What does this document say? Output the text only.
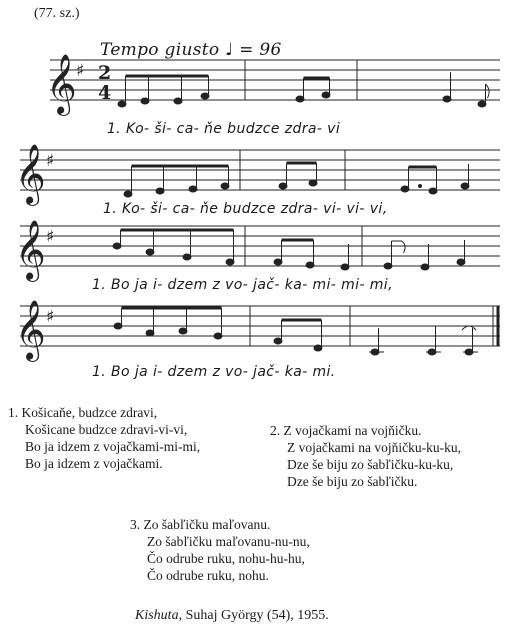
(77. sz.)
Tempo giusto ♩ = 96
𝄞 ♯ 2
4
1. Ko- ši- ca- ňe budzce zdra- vi
𝄞 ♯
1. Ko- ši- ca- ňe budzce zdra- vi- vi- vi,
𝄞 ♯
1. Bo ja i- dzem z vo- jač- ka- mi- mi- mi,
𝄞 ♯
1. Bo ja i- dzem z vo- jač- ka- mi.
1. Košicaňe, budzce zdravi,
Košicane budzce zdravi-vi-vi,
Bo ja idzem z vojačkami-mi-mi,
Bo ja idzem z vojačkami.
2. Z vojačkami na vojňičku.
Z vojačkami na vojňičku-ku-ku,
Dze še biju zo šabľičku-ku-ku,
Dze še biju zo šabľičku.
3. Zo šabľičku maľovanu.
Zo šabľičku maľovanu-nu-nu,
Čo odrube ruku, nohu-hu-hu,
Čo odrube ruku, nohu.
Kishuta, Suhaj György (54), 1955.
